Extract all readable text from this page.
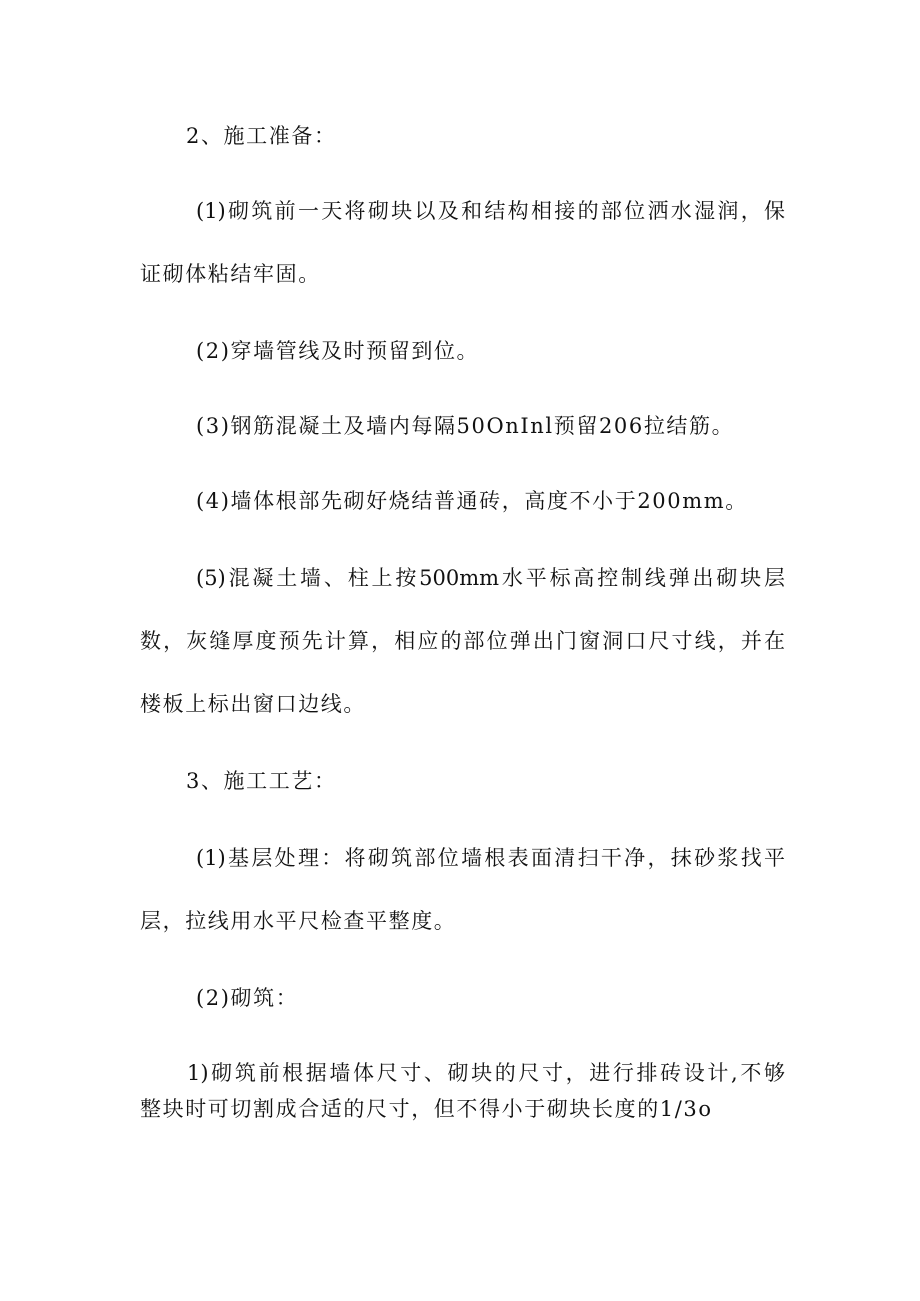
2、施工准备：

(1)砌筑前一天将砌块以及和结构相接的部位洒水湿润，保

证砌体粘结牢固。

(2)穿墙管线及时预留到位。

(3)钢筋混凝土及墙内每隔50OnInl预留206拉结筋。

(4)墙体根部先砌好烧结普通砖，高度不小于200mm。

(5)混凝土墙、柱上按500mm水平标高控制线弹出砌块层

数，灰缝厚度预先计算，相应的部位弹出门窗洞口尺寸线，并在

楼板上标出窗口边线。

3、施工工艺：

(1)基层处理：将砌筑部位墙根表面清扫干净，抹砂浆找平

层，拉线用水平尺检查平整度。

(2)砌筑：

1)砌筑前根据墙体尺寸、砌块的尺寸，进行排砖设计,不够

整块时可切割成合适的尺寸，但不得小于砌块长度的1/3o
